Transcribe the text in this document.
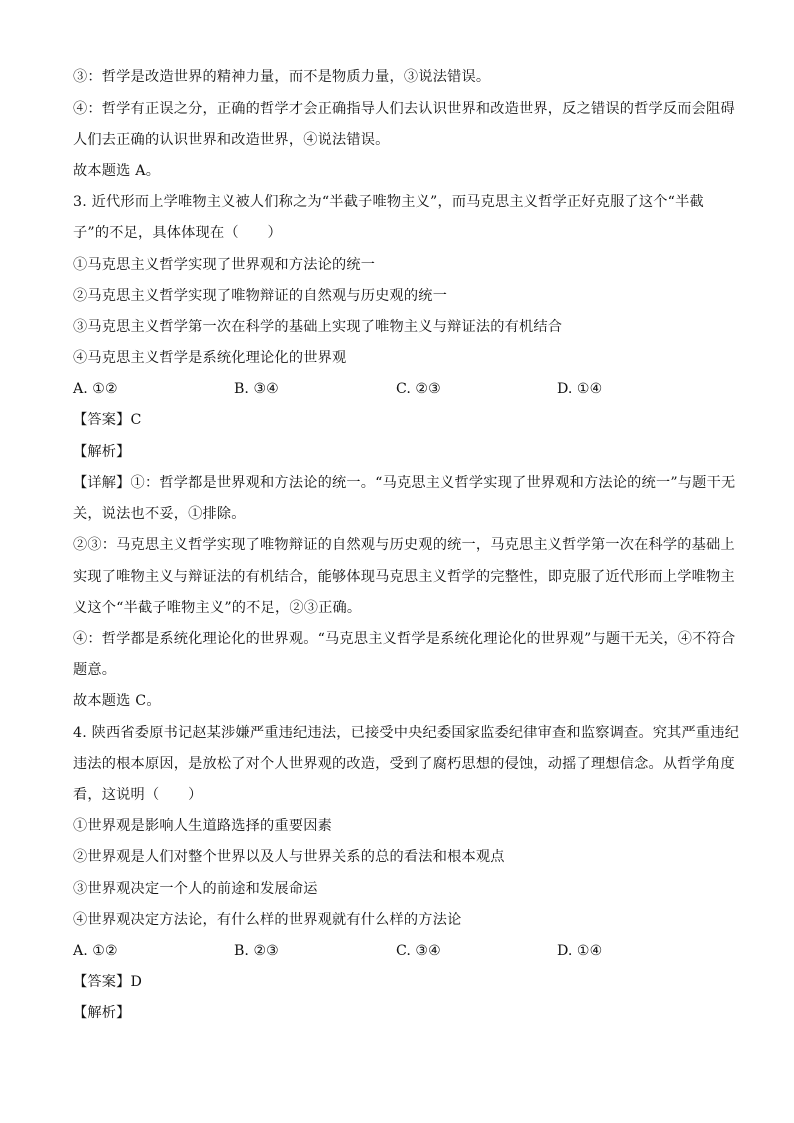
③：哲学是改造世界的精神力量，而不是物质力量，③说法错误。
④：哲学有正误之分，正确的哲学才会正确指导人们去认识世界和改造世界，反之错误的哲学反而会阻碍
人们去正确的认识世界和改造世界，④说法错误。
故本题选 A。
3. 近代形而上学唯物主义被人们称之为“半截子唯物主义”，而马克思主义哲学正好克服了这个“半截
子”的不足，具体体现在（　　）
①马克思主义哲学实现了世界观和方法论的统一
②马克思主义哲学实现了唯物辩证的自然观与历史观的统一
③马克思主义哲学第一次在科学的基础上实现了唯物主义与辩证法的有机结合
④马克思主义哲学是系统化理论化的世界观
A. ①②	B. ③④	C. ②③	D. ①④
【答案】C
【解析】
【详解】①：哲学都是世界观和方法论的统一。“马克思主义哲学实现了世界观和方法论的统一”与题干无
关，说法也不妥，①排除。
②③：马克思主义哲学实现了唯物辩证的自然观与历史观的统一，马克思主义哲学第一次在科学的基础上
实现了唯物主义与辩证法的有机结合，能够体现马克思主义哲学的完整性，即克服了近代形而上学唯物主
义这个“半截子唯物主义”的不足，②③正确。
④：哲学都是系统化理论化的世界观。“马克思主义哲学是系统化理论化的世界观”与题干无关，④不符合
题意。
故本题选 C。
4. 陕西省委原书记赵某涉嫌严重违纪违法，已接受中央纪委国家监委纪律审查和监察调查。究其严重违纪
违法的根本原因，是放松了对个人世界观的改造，受到了腐朽思想的侵蚀，动摇了理想信念。从哲学角度
看，这说明（　　）
①世界观是影响人生道路选择的重要因素
②世界观是人们对整个世界以及人与世界关系的总的看法和根本观点
③世界观决定一个人的前途和发展命运
④世界观决定方法论，有什么样的世界观就有什么样的方法论
A. ①②	B. ②③	C. ③④	D. ①④
【答案】D
【解析】
